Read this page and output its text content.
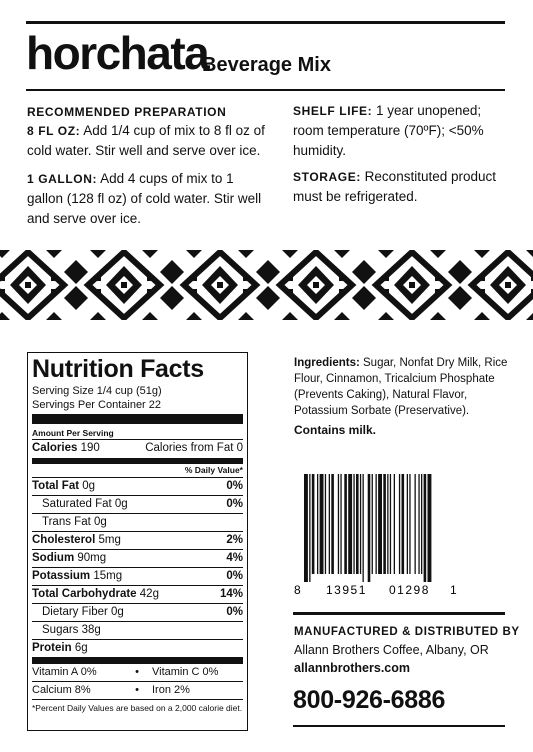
horchata
Beverage Mix
RECOMMENDED PREPARATION
8 FL OZ: Add 1/4 cup of mix to 8 fl oz of cold water. Stir well and serve over ice.
1 GALLON: Add 4 cups of mix to 1 gallon (128 fl oz) of cold water. Stir well and serve over ice.
SHELF LIFE: 1 year unopened; room temperature (70ºF); <50% humidity.
STORAGE: Reconstituted product must be refrigerated.
Nutrition Facts
Serving Size 1/4 cup (51g)
Servings Per Container 22
Amount Per Serving
Calories 190	Calories from Fat 0
% Daily Value*
Total Fat 0g	0%
Saturated Fat 0g	0%
Trans Fat 0g
Cholesterol 5mg	2%
Sodium 90mg	4%
Potassium 15mg	0%
Total Carbohydrate 42g	14%
Dietary Fiber 0g	0%
Sugars 38g
Protein 6g
Vitamin A 0%	•	Vitamin C 0%
Calcium 8%	•	Iron 2%
*Percent Daily Values are based on a 2,000 calorie diet.
Ingredients: Sugar, Nonfat Dry Milk, Rice Flour, Cinnamon, Tricalcium Phosphate (Prevents Caking), Natural Flavor, Potassium Sorbate (Preservative).
Contains milk.
8 13951 01298 1
MANUFACTURED & DISTRIBUTED BY
Allann Brothers Coffee, Albany, OR
allannbrothers.com
800-926-6886
